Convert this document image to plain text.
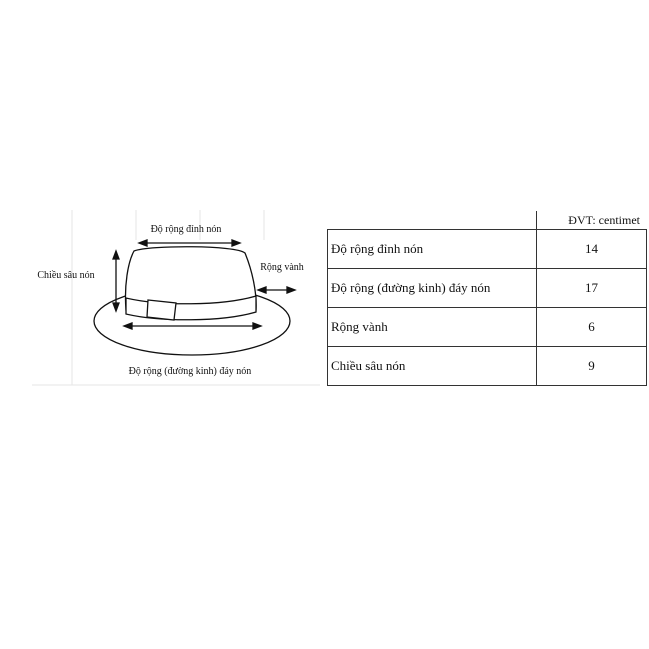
Độ rộng đỉnh nón
Chiều sâu nón
Rộng vành
Độ rộng (đường kinh) đáy nón
	ĐVT: centimet
Độ rộng đỉnh nón	14
Độ rộng (đường kinh) đáy nón	17
Rộng vành	6
Chiều sâu nón	9
